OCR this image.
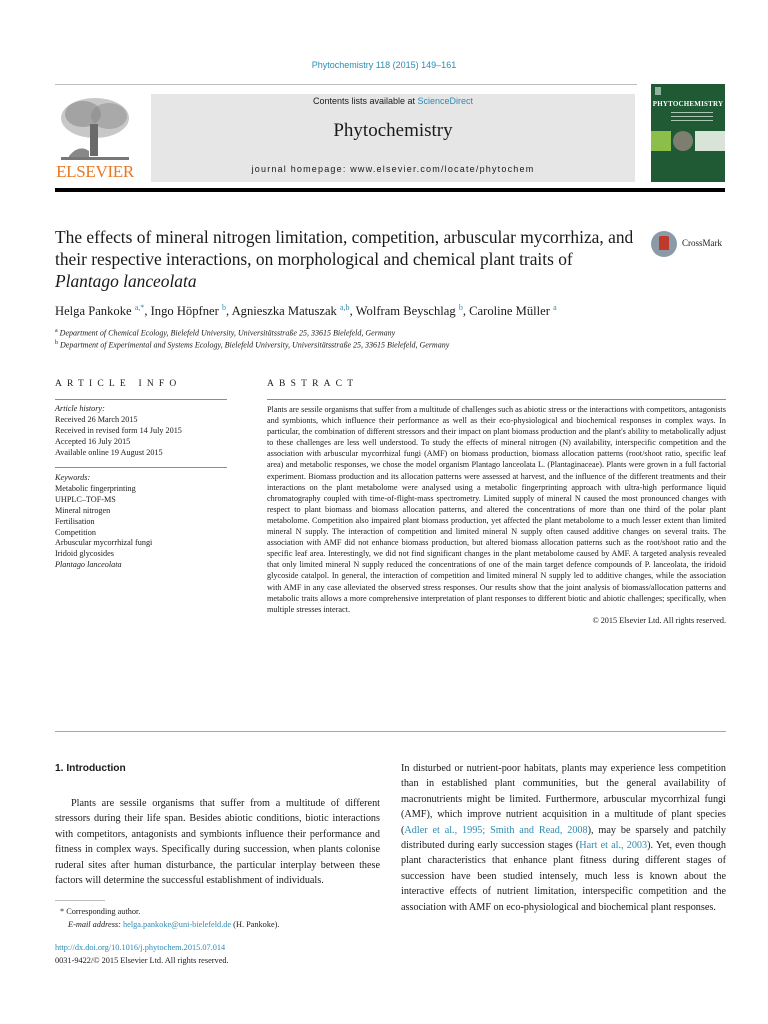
Phytochemistry 118 (2015) 149–161
ELSEVIER
Contents lists available at ScienceDirect
Phytochemistry
journal homepage: www.elsevier.com/locate/phytochem
PHYTOCHEMISTRY
The effects of mineral nitrogen limitation, competition, arbuscular mycorrhiza, and their respective interactions, on morphological and chemical plant traits of Plantago lanceolata
CrossMark
Helga Pankoke $^{a,*}$, Ingo Höpfner $^b$, Agnieszka Matuszak $^{a,b}$, Wolfram Beyschlag $^b$, Caroline Müller $^a$
$^a$ Department of Chemical Ecology, Bielefeld University, Universitätsstraße 25, 33615 Bielefeld, Germany
$^b$ Department of Experimental and Systems Ecology, Bielefeld University, Universitätsstraße 25, 33615 Bielefeld, Germany
ARTICLE INFO
Article history:
Received 26 March 2015
Received in revised form 14 July 2015
Accepted 16 July 2015
Available online 19 August 2015
Keywords:
Metabolic fingerprinting
UHPLC–TOF-MS
Mineral nitrogen
Fertilisation
Competition
Arbuscular mycorrhizal fungi
Iridoid glycosides
Plantago lanceolata
ABSTRACT
Plants are sessile organisms that suffer from a multitude of challenges such as abiotic stress or the interactions with competitors, antagonists and symbionts, which influence their performance as well as their eco-physiological and biochemical responses in complex ways. In particular, the combination of different stressors and their impact on plant biomass production and the plant's ability to metabolically adjust to these challenges are less well understood. To study the effects of mineral nitrogen (N) availability, interspecific competition and the association with arbuscular mycorrhizal fungi (AMF) on biomass production, biomass allocation patterns (root/shoot ratio, specific leaf area) and metabolic responses, we chose the model organism Plantago lanceolata L. (Plantaginaceae). Plants were grown in a full factorial experiment. Biomass production and its allocation patterns were assessed at harvest, and the influence of the different treatments and their interactions on the plant metabolome were analysed using a metabolic fingerprinting approach with ultra-high performance liquid chromatography coupled with time-of-flight-mass spectrometry. Limited supply of mineral N caused the most pronounced changes with respect to plant biomass and biomass allocation patterns, and altered the concentrations of more than one third of the polar plant metabolome. Competition also impaired plant biomass production, yet affected the plant metabolome to a much lesser extent than limited mineral N supply. The interaction of competition and limited mineral N supply often caused additive changes on several traits. The association with AMF did not enhance biomass production, but altered biomass allocation patterns such as the root/shoot ratio and the specific leaf area. Interestingly, we did not find significant changes in the plant metabolome caused by AMF. A targeted analysis revealed that only limited mineral N supply reduced the concentrations of one of the main target defence compounds of P. lanceolata, the iridoid glycoside catalpol. In general, the interaction of competition and limited mineral N supply led to additive changes, while the association with AMF in any case alleviated the observed stress responses. Our results show that the joint analysis of biomass/allocation patterns and metabolic traits allows a more comprehensive interpretation of plant responses to different biotic and abiotic challenges; specifically, when multiple stresses interact.
© 2015 Elsevier Ltd. All rights reserved.
1. Introduction
Plants are sessile organisms that suffer from a multitude of different stressors during their life span. Besides abiotic conditions, biotic interactions with competitors, antagonists and symbionts influence their performance and fitness in complex ways. Specifically during succession, when plants colonise ruderal sites after human disturbance, the particular interplay between these factors will determine the successful establishment of individuals.
In disturbed or nutrient-poor habitats, plants may experience less competition than in established plant communities, but the general availability of macronutrients might be limited. Furthermore, arbuscular mycorrhizal fungi (AMF), which improve nutrient acquisition in a multitude of plant species (Adler et al., 1995; Smith and Read, 2008), may be sparsely and patchily distributed during early succession stages (Hart et al., 2003). Yet, even though plant characteristics that enhance plant fitness during different stages of succession have been studied intensely, much less is known about the interactive effects of nutrient limitation, interspecific competition and the association with AMF on eco-physiological and biochemical plant responses.
* Corresponding author.
E-mail address: helga.pankoke@uni-bielefeld.de (H. Pankoke).
http://dx.doi.org/10.1016/j.phytochem.2015.07.014
0031-9422/© 2015 Elsevier Ltd. All rights reserved.
